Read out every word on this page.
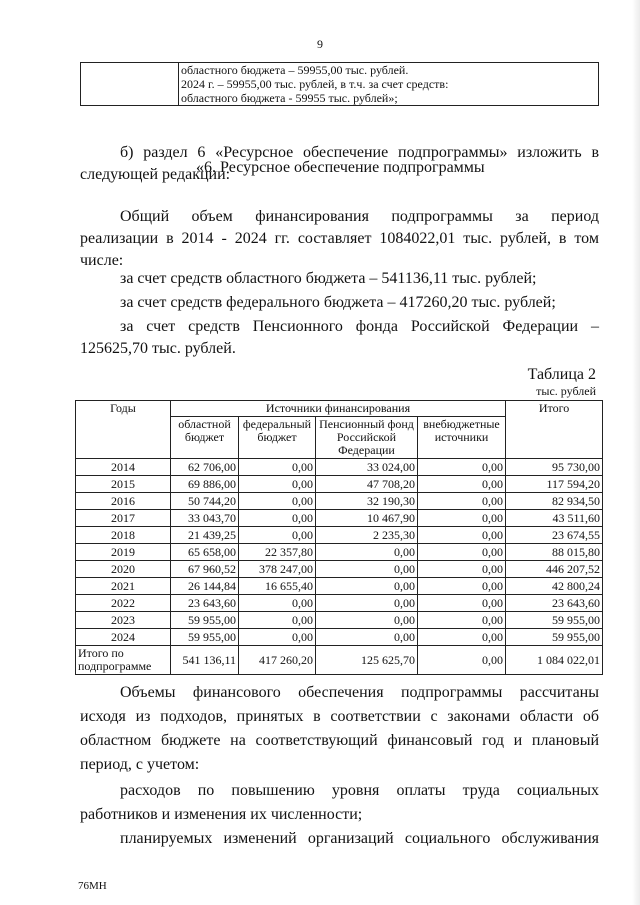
9

областного бюджета – 59955,00 тыс. рублей.
2024 г. – 59955,00 тыс. рублей, в т.ч. за счет средств:
областного бюджета - 59955 тыс. рублей»;

б) раздел 6 «Ресурсное обеспечение подпрограммы» изложить в

следующей редакции:

«6. Ресурсное обеспечение подпрограммы

Общий объем финансирования подпрограммы за период

реализации в 2014 - 2024 гг. составляет 1084022,01 тыс. рублей, в том

числе:

за счет средств областного бюджета – 541136,11 тыс. рублей;

за счет средств федерального бюджета – 417260,20 тыс. рублей;

за счет средств Пенсионного фонда Российской Федерации –

125625,70 тыс. рублей.

Таблица 2

тыс. рублей

Годы	Источники финансирования				Итого
	областной бюджет	федеральный бюджет	Пенсионный фонд Российской Федерации	внебюджетные источники	
2014	62 706,00	0,00	33 024,00	0,00	95 730,00
2015	69 886,00	0,00	47 708,20	0,00	117 594,20
2016	50 744,20	0,00	32 190,30	0,00	82 934,50
2017	33 043,70	0,00	10 467,90	0,00	43 511,60
2018	21 439,25	0,00	2 235,30	0,00	23 674,55
2019	65 658,00	22 357,80	0,00	0,00	88 015,80
2020	67 960,52	378 247,00	0,00	0,00	446 207,52
2021	26 144,84	16 655,40	0,00	0,00	42 800,24
2022	23 643,60	0,00	0,00	0,00	23 643,60
2023	59 955,00	0,00	0,00	0,00	59 955,00
2024	59 955,00	0,00	0,00	0,00	59 955,00
Итого по подпрограмме	541 136,11	417 260,20	125 625,70	0,00	1 084 022,01

Объемы финансового обеспечения подпрограммы рассчитаны

исходя из подходов, принятых в соответствии с законами области об

областном бюджете на соответствующий финансовый год и плановый

период, с учетом:

расходов по повышению уровня оплаты труда социальных

работников и изменения их численности;

планируемых изменений организаций социального обслуживания

76МН
